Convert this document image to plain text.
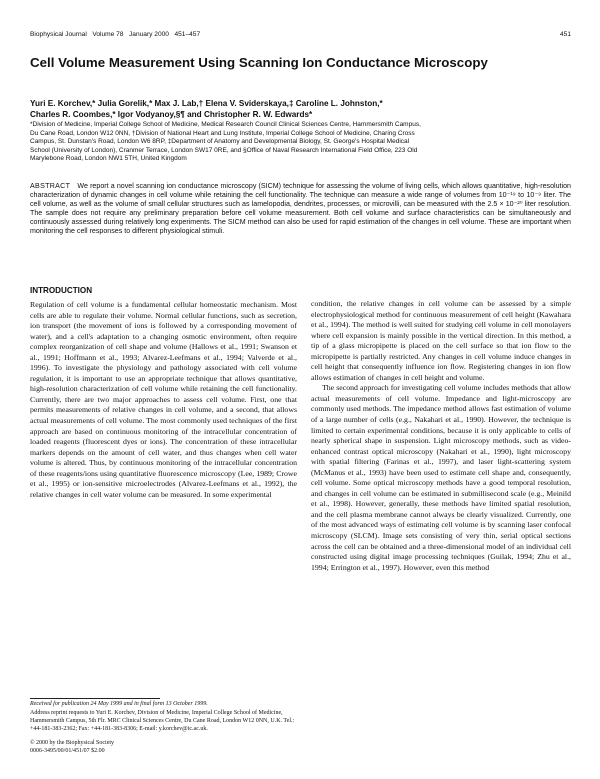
Biophysical Journal Volume 78 January 2000 451–457	451
Cell Volume Measurement Using Scanning Ion Conductance Microscopy
Yuri E. Korchev,* Julia Gorelik,* Max J. Lab,† Elena V. Sviderskaya,‡ Caroline L. Johnston,*
Charles R. Coombes,* Igor Vodyanoy,§¶ and Christopher R. W. Edwards*
*Division of Medicine, Imperial College School of Medicine, Medical Research Council Clinical Sciences Centre, Hammersmith Campus,
Du Cane Road, London W12 0NN, †Division of National Heart and Lung Institute, Imperial College School of Medicine, Charing Cross
Campus, St. Dunstan's Road, London W6 8RP, ‡Department of Anatomy and Developmental Biology, St. George's Hospital Medical
School (University of London), Cranmer Terrace, London SW17 0RE, and §Office of Naval Research International Field Office, 223 Old
Marylebone Road, London NW1 5TH, United Kingdom
ABSTRACT We report a novel scanning ion conductance microscopy (SICM) technique for assessing the volume of living cells, which allows quantitative, high-resolution characterization of dynamic changes in cell volume while retaining the cell functionality. The technique can measure a wide range of volumes from 10⁻¹⁹ to 10⁻⁹ liter. The cell volume, as well as the volume of small cellular structures such as lamelopodia, dendrites, processes, or microvilli, can be measured with the 2.5 × 10⁻²⁰ liter resolution. The sample does not require any preliminary preparation before cell volume measurement. Both cell volume and surface characteristics can be simultaneously and continuously assessed during relatively long experiments. The SICM method can also be used for rapid estimation of the changes in cell volume. These are important when monitoring the cell responses to different physiological stimuli.
INTRODUCTION

Regulation of cell volume is a fundamental cellular homeostatic mechanism. Most cells are able to regulate their volume. Normal cellular functions, such as secretion, ion transport (the movement of ions is followed by a corresponding movement of water), and a cell's adaptation to a changing osmotic environment, often require complex reorganization of cell shape and volume (Hallows et al., 1991; Swanson et al., 1991; Hoffmann et al., 1993; Alvarez-Leefmans et al., 1994; Valverde et al., 1996). To investigate the physiology and pathology associated with cell volume regulation, it is important to use an appropriate technique that allows quantitative, high-resolution characterization of cell volume while retaining the cell functionality. Currently, there are two major approaches to assess cell volume. First, one that permits measurements of relative changes in cell volume, and a second, that allows actual measurements of cell volume. The most commonly used techniques of the first approach are based on continuous monitoring of the intracellular concentration of loaded reagents (fluorescent dyes or ions). The concentration of these intracellular markers depends on the amount of cell water, and thus changes when cell water volume is altered. Thus, by continuous monitoring of the intracellular concentration of these reagents/ions using quantitative fluorescence microscopy (Lee, 1989; Crowe et al., 1995) or ion-sensitive microelectrodes (Alvarez-Leefmans et al., 1992), the relative changes in cell water volume can be measured. In some experimental

condition, the relative changes in cell volume can be assessed by a simple electrophysiological method for continuous measurement of cell height (Kawahara et al., 1994). The method is well suited for studying cell volume in cell monolayers where cell expansion is mainly possible in the vertical direction. In this method, a tip of a glass micropipette is placed on the cell surface so that ion flow to the micropipette is partially restricted. Any changes in cell volume induce changes in cell height that consequently influence ion flow. Registering changes in ion flow allows estimation of changes in cell height and volume.

The second approach for investigating cell volume includes methods that allow actual measurements of cell volume. Impedance and light-microscopy are commonly used methods. The impedance method allows fast estimation of volume of a large number of cells (e.g., Nakahari et al., 1990). However, the technique is limited to certain experimental conditions, because it is only applicable to cells of nearly spherical shape in suspension. Light microscopy methods, such as video-enhanced contrast optical microscopy (Nakahari et al., 1990), light microscopy with spatial filtering (Farinas et al., 1997), and laser light-scattering system (McManus et al., 1993) have been used to estimate cell shape and, consequently, cell volume. Some optical microscopy methods have a good temporal resolution, and changes in cell volume can be estimated in submillisecond scale (e.g., Meinild et al., 1998). However, generally, these methods have limited spatial resolution, and the cell plasma membrane cannot always be clearly visualized. Currently, one of the most advanced ways of estimating cell volume is by scanning laser confocal microscopy (SLCM). Image sets consisting of very thin, serial optical sections across the cell can be obtained and a three-dimensional model of an individual cell constructed using digital image processing techniques (Guilak, 1994; Zhu et al., 1994; Errington et al., 1997). However, even this method

Received for publication 24 May 1999 and in final form 13 October 1999.
Address reprint requests to Yuri E. Korchev, Division of Medicine, Imperial College School of Medicine, Hammersmith Campus, 5th Flr. MRC Clinical Sciences Centre, Du Cane Road, London W12 0NN, U.K. Tel.: +44-181-383-2362; Fax: +44-181-383-8306; E-mail: y.korchev@ic.ac.uk.
© 2000 by the Biophysical Society
0006-3495/00/01/451/07 $2.00
